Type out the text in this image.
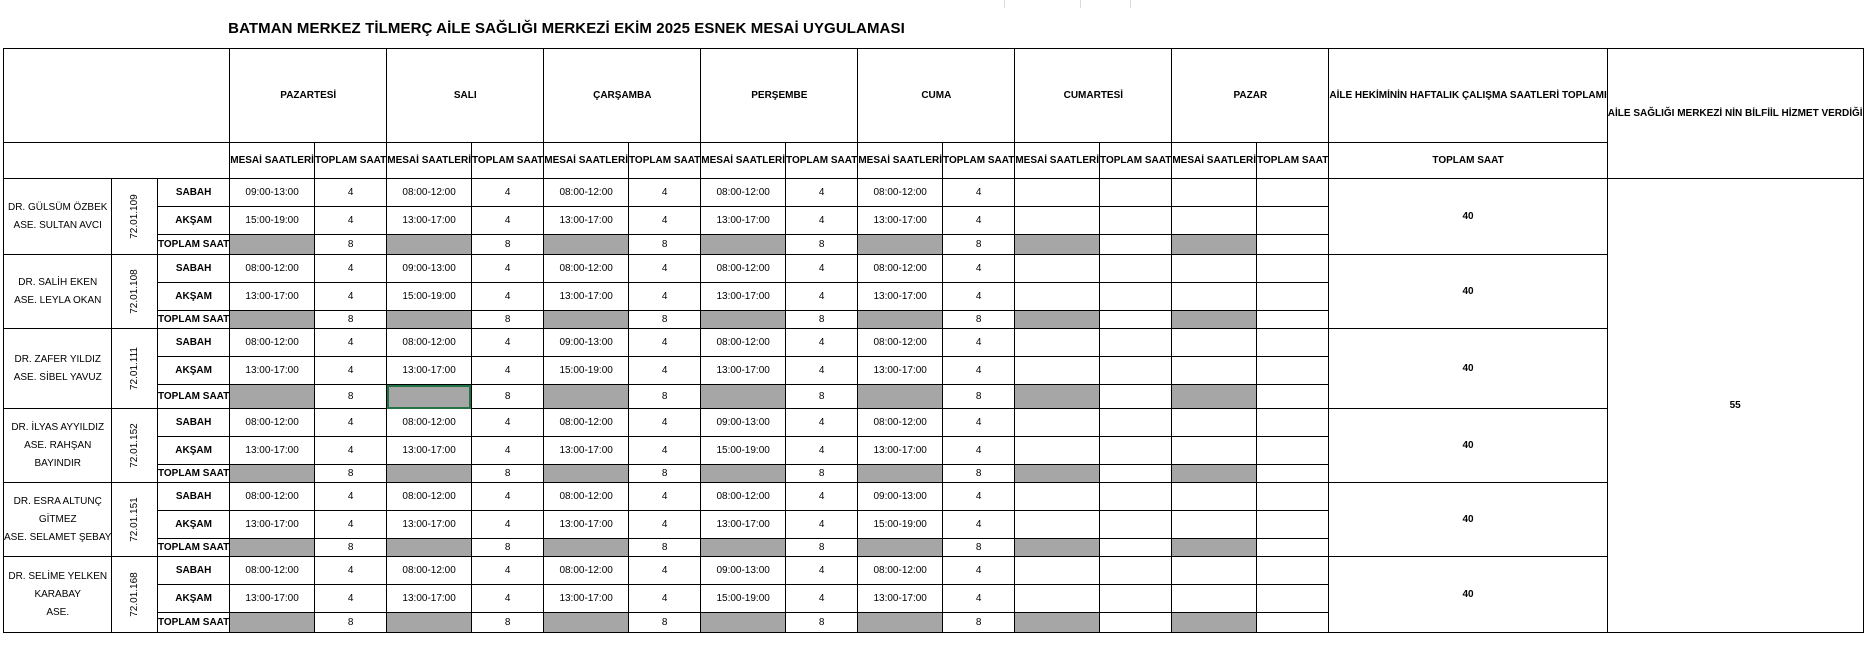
BATMAN MERKEZ TİLMERÇ AİLE SAĞLIĞI MERKEZİ EKİM 2025 ESNEK MESAİ UYGULAMASI
			PAZARTESİ		SALI		ÇARŞAMBA		PERŞEMBE		CUMA		CUMARTESİ		PAZAR		AİLE HEKİMİNİN HAFTALIK ÇALIŞMA SAATLERİ TOPLAMI	AİLE SAĞLIĞI MERKEZİ NİN BİLFİİL HİZMET VERDİĞİ
			MESAİ SAATLERİ	TOPLAM SAAT	MESAİ SAATLERİ	TOPLAM SAAT	MESAİ SAATLERİ	TOPLAM SAAT	MESAİ SAATLERİ	TOPLAM SAAT	MESAİ SAATLERİ	TOPLAM SAAT	MESAİ SAATLERİ	TOPLAM SAAT	MESAİ SAATLERİ	TOPLAM SAAT	TOPLAM SAAT	

DR. GÜLSÜM ÖZBEK
ASE. SULTAN AVCI	72.01.109	SABAH	09:00-13:00	4	08:00-12:00	4	08:00-12:00	4	08:00-12:00	4	08:00-12:00	4					40	55
		AKŞAM	15:00-19:00	4	13:00-17:00	4	13:00-17:00	4	13:00-17:00	4	13:00-17:00	4						
		TOPLAM SAAT		8		8		8		8		8						

DR. SALİH EKEN
ASE. LEYLA OKAN	72.01.108	SABAH	08:00-12:00	4	09:00-13:00	4	08:00-12:00	4	08:00-12:00	4	08:00-12:00	4					40	
		AKŞAM	13:00-17:00	4	15:00-19:00	4	13:00-17:00	4	13:00-17:00	4	13:00-17:00	4						
		TOPLAM SAAT		8		8		8		8		8						

DR. ZAFER YILDIZ
ASE. SİBEL YAVUZ	72.01.111	SABAH	08:00-12:00	4	08:00-12:00	4	09:00-13:00	4	08:00-12:00	4	08:00-12:00	4					40	
		AKŞAM	13:00-17:00	4	13:00-17:00	4	15:00-19:00	4	13:00-17:00	4	13:00-17:00	4						
		TOPLAM SAAT		8		8		8		8		8						

DR. İLYAS AYYILDIZ
ASE. RAHŞAN
BAYINDIR	72.01.152	SABAH	08:00-12:00	4	08:00-12:00	4	08:00-12:00	4	09:00-13:00	4	08:00-12:00	4					40	
		AKŞAM	13:00-17:00	4	13:00-17:00	4	13:00-17:00	4	15:00-19:00	4	13:00-17:00	4						
		TOPLAM SAAT		8		8		8		8		8						

DR. ESRA ALTUNÇ
GİTMEZ
ASE. SELAMET ŞEBAY	72.01.151	SABAH	08:00-12:00	4	08:00-12:00	4	08:00-12:00	4	08:00-12:00	4	09:00-13:00	4					40	
		AKŞAM	13:00-17:00	4	13:00-17:00	4	13:00-17:00	4	13:00-17:00	4	15:00-19:00	4						
		TOPLAM SAAT		8		8		8		8		8						

DR. SELİME YELKEN
KARABAY
ASE.	72.01.168	SABAH	08:00-12:00	4	08:00-12:00	4	08:00-12:00	4	09:00-13:00	4	08:00-12:00	4					40	
		AKŞAM	13:00-17:00	4	13:00-17:00	4	13:00-17:00	4	15:00-19:00	4	13:00-17:00	4						
		TOPLAM SAAT		8		8		8		8		8						
